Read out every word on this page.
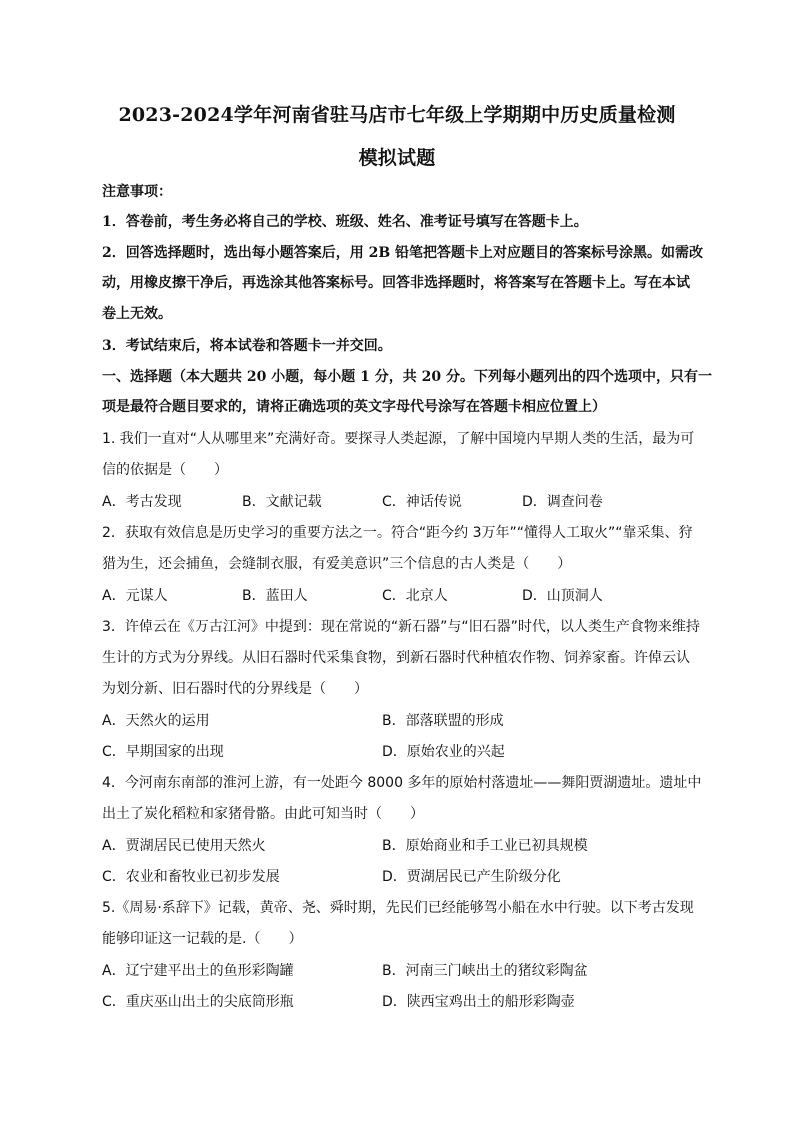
2023-2024学年河南省驻马店市七年级上学期期中历史质量检测
模拟试题
注意事项：
1．答卷前，考生务必将自己的学校、班级、姓名、准考证号填写在答题卡上。
2．回答选择题时，选出每小题答案后，用 2B 铅笔把答题卡上对应题目的答案标号涂黑。如需改
动，用橡皮擦干净后，再选涂其他答案标号。回答非选择题时，将答案写在答题卡上。写在本试
卷上无效。
3．考试结束后，将本试卷和答题卡一并交回。
一、选择题（本大题共 20 小题，每小题 1 分，共 20 分。下列每小题列出的四个选项中，只有一
项是最符合题目要求的，请将正确选项的英文字母代号涂写在答题卡相应位置上）
1. 我们一直对“人从哪里来”充满好奇。要探寻人类起源，了解中国境内早期人类的生活，最为可
信的依据是（　　）
A．考古发现	B．文献记载	C．神话传说	D．调查问卷
2．获取有效信息是历史学习的重要方法之一。符合“距今约 3万年”“懂得人工取火”“靠采集、狩
猎为生，还会捕鱼，会缝制衣服，有爱美意识”三个信息的古人类是（　　）
A．元谋人	B．蓝田人	C．北京人	D．山顶洞人
3．许倬云在《万古江河》中提到：现在常说的“新石器”与“旧石器”时代，以人类生产食物来维持
生计的方式为分界线。从旧石器时代采集食物，到新石器时代种植农作物、饲养家畜。许倬云认
为划分新、旧石器时代的分界线是（　　）
A．天然火的运用	B．部落联盟的形成
C．早期国家的出现	D．原始农业的兴起
4．今河南东南部的淮河上游，有一处距今 8000 多年的原始村落遗址——舞阳贾湖遗址。遗址中
出土了炭化稻粒和家猪骨骼。由此可知当时（　　）
A．贾湖居民已使用天然火	B．原始商业和手工业已初具规模
C．农业和畜牧业已初步发展	D．贾湖居民已产生阶级分化
5.《周易·系辞下》记载，黄帝、尧、舜时期，先民们已经能够驾小船在水中行驶。以下考古发现
能够印证这一记载的是.（　　）
A．辽宁建平出土的鱼形彩陶罐	B．河南三门峡出土的猪纹彩陶盆
C．重庆巫山出土的尖底筒形瓶	D．陕西宝鸡出土的船形彩陶壶
